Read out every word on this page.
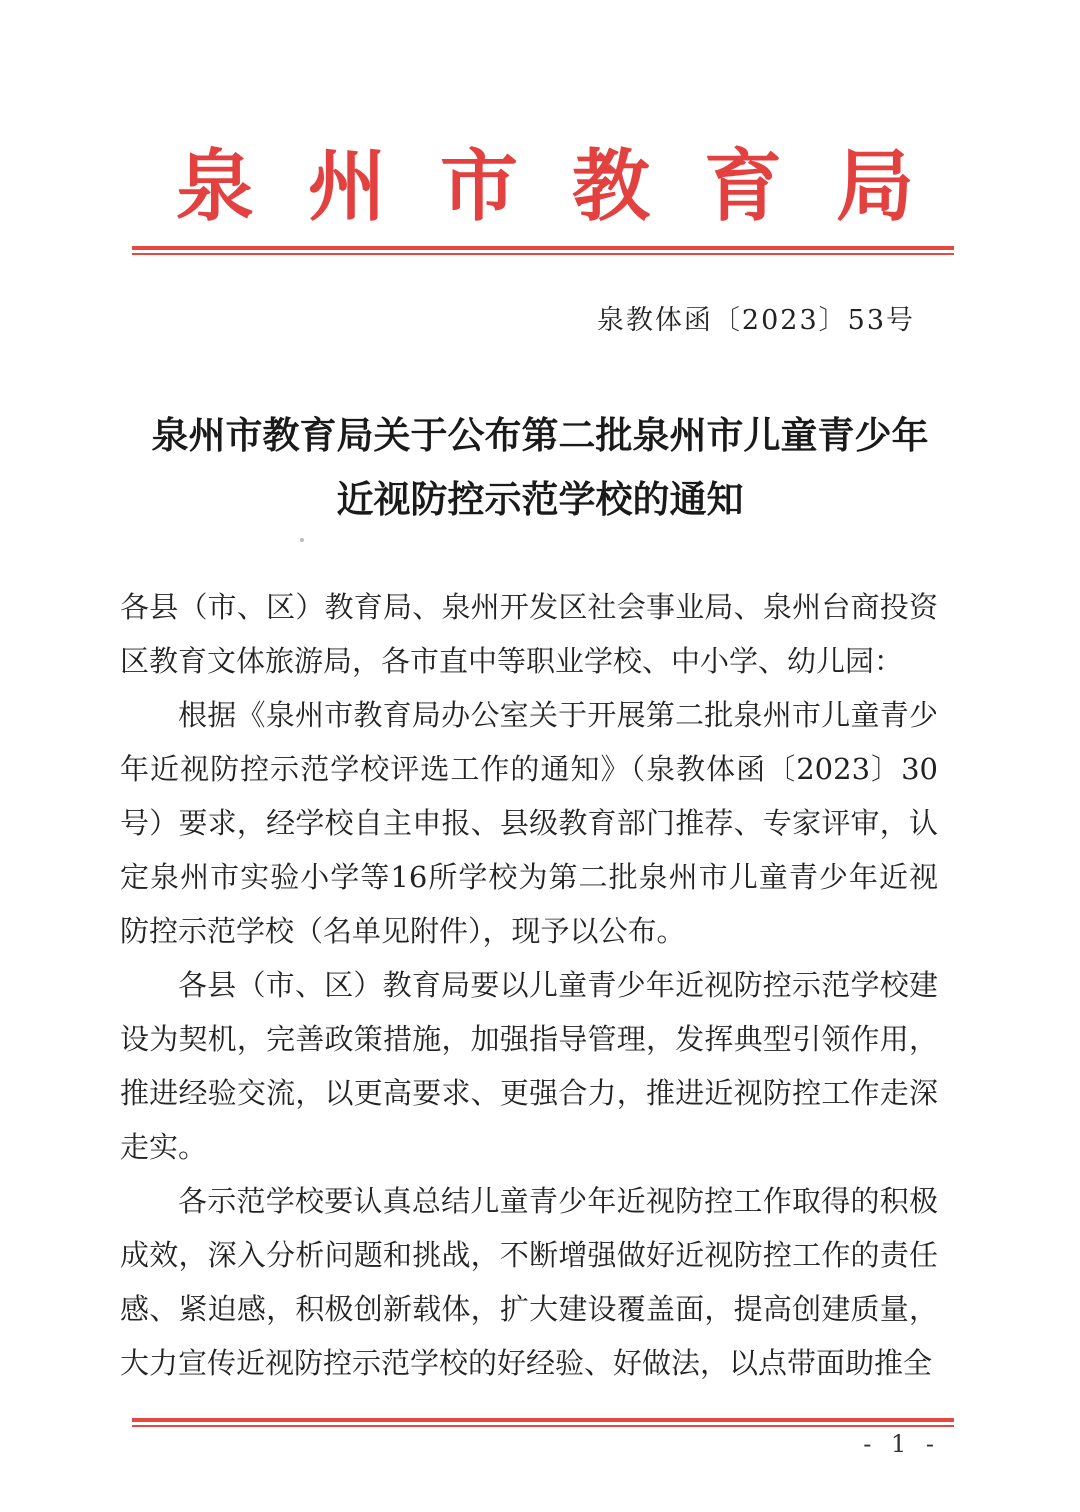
泉 州 市 教 育 局
泉教体函〔2023〕53号
泉州市教育局关于公布第二批泉州市儿童青少年
近视防控示范学校的通知

各县（市、区）教育局、泉州开发区社会事业局、泉州台商投资区教育文体旅游局，各市直中等职业学校、中小学、幼儿园：

根据《泉州市教育局办公室关于开展第二批泉州市儿童青少年近视防控示范学校评选工作的通知》（泉教体函〔2023〕30号）要求，经学校自主申报、县级教育部门推荐、专家评审，认定泉州市实验小学等16所学校为第二批泉州市儿童青少年近视防控示范学校（名单见附件），现予以公布。

各县（市、区）教育局要以儿童青少年近视防控示范学校建设为契机，完善政策措施，加强指导管理，发挥典型引领作用，推进经验交流，以更高要求、更强合力，推进近视防控工作走深走实。

各示范学校要认真总结儿童青少年近视防控工作取得的积极成效，深入分析问题和挑战，不断增强做好近视防控工作的责任感、紧迫感，积极创新载体，扩大建设覆盖面，提高创建质量，大力宣传近视防控示范学校的好经验、好做法，以点带面助推全

- 1 -
